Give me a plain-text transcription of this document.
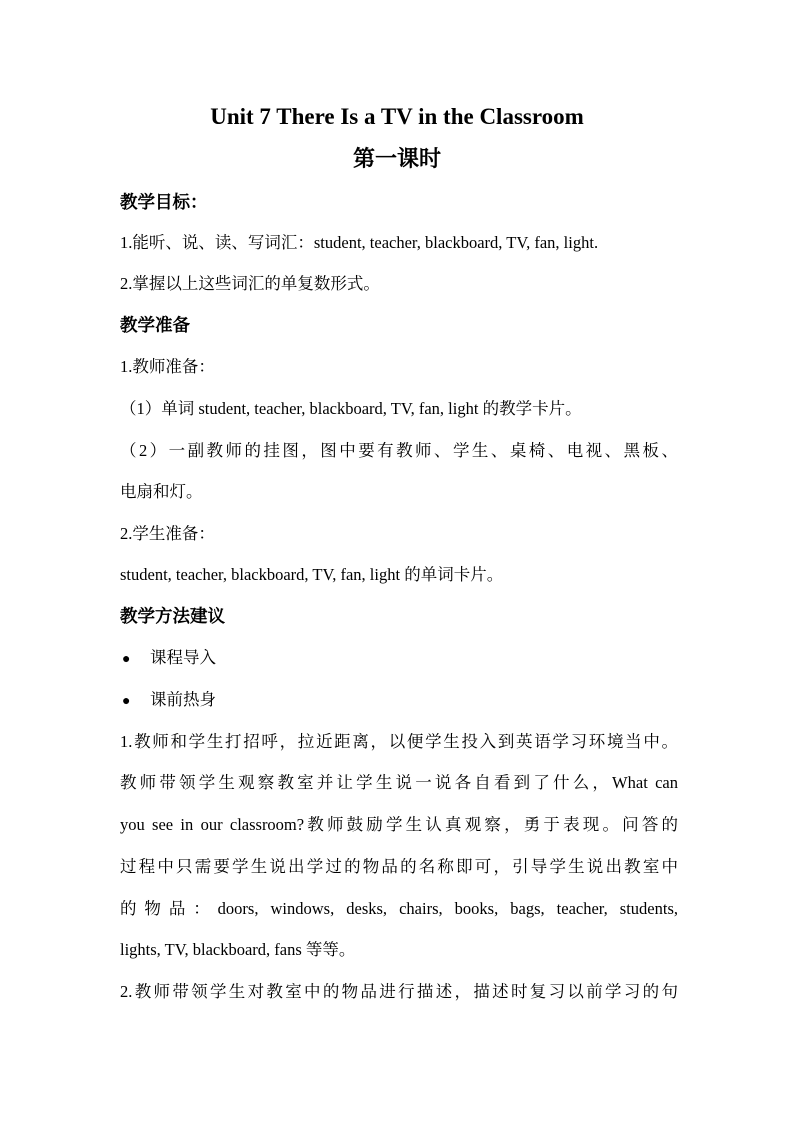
Unit 7 There Is a TV in the Classroom
第一课时
教学目标：
1.能听、说、读、写词汇：student, teacher, blackboard, TV, fan, light.
2.掌握以上这些词汇的单复数形式。
教学准备
1.教师准备：
（1）单词 student, teacher, blackboard, TV, fan, light 的教学卡片。
（2）一副教师的挂图，图中要有教师、学生、桌椅、电视、黑板、
电扇和灯。
2.学生准备：
student, teacher, blackboard, TV, fan, light 的单词卡片。
教学方法建议
● 课程导入
● 课前热身
1.教师和学生打招呼，拉近距离，以便学生投入到英语学习环境当中。
教师带领学生观察教室并让学生说一说各自看到了什么，What can
you see in our classroom?教师鼓励学生认真观察，勇于表现。问答的
过程中只需要学生说出学过的物品的名称即可，引导学生说出教室中
的物品：doors, windows, desks, chairs, books, bags, teacher, students,
lights, TV, blackboard, fans 等等。
2.教师带领学生对教室中的物品进行描述，描述时复习以前学习的句
